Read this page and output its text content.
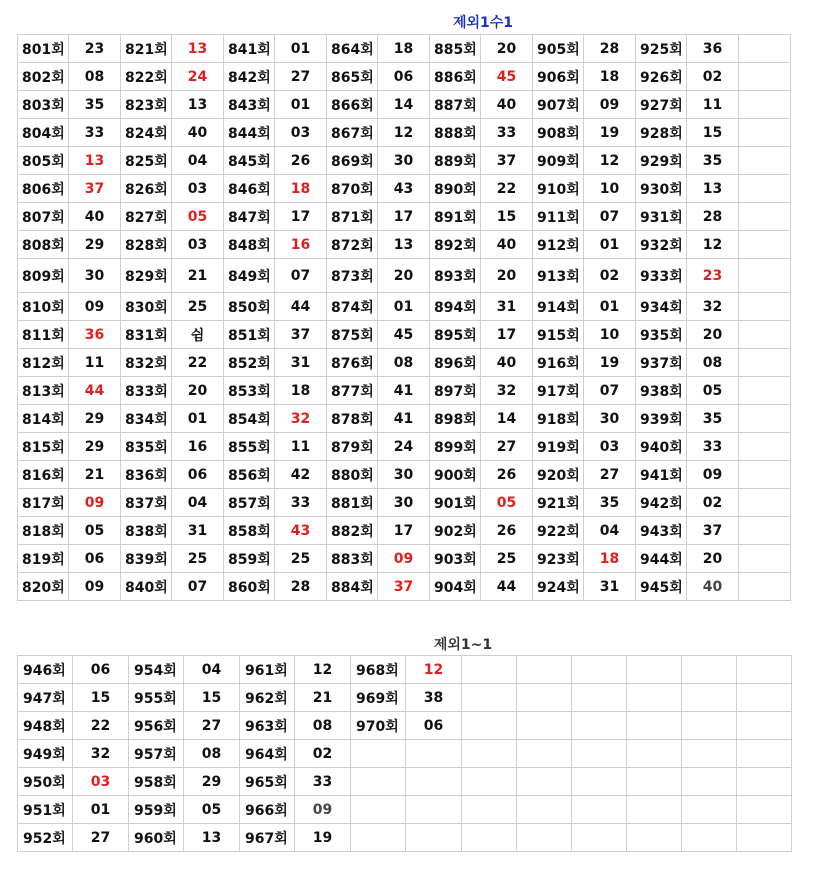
제외1수1
801회	23	821회	13	841회	01	864회	18	885회	20	905회	28	925회	36	
802회	08	822회	24	842회	27	865회	06	886회	45	906회	18	926회	02	
803회	35	823회	13	843회	01	866회	14	887회	40	907회	09	927회	11	
804회	33	824회	40	844회	03	867회	12	888회	33	908회	19	928회	15	
805회	13	825회	04	845회	26	869회	30	889회	37	909회	12	929회	35	
806회	37	826회	03	846회	18	870회	43	890회	22	910회	10	930회	13	
807회	40	827회	05	847회	17	871회	17	891회	15	911회	07	931회	28	
808회	29	828회	03	848회	16	872회	13	892회	40	912회	01	932회	12	
809회	30	829회	21	849회	07	873회	20	893회	20	913회	02	933회	23	
810회	09	830회	25	850회	44	874회	01	894회	31	914회	01	934회	32	
811회	36	831회	쉼	851회	37	875회	45	895회	17	915회	10	935회	20	
812회	11	832회	22	852회	31	876회	08	896회	40	916회	19	937회	08	
813회	44	833회	20	853회	18	877회	41	897회	32	917회	07	938회	05	
814회	29	834회	01	854회	32	878회	41	898회	14	918회	30	939회	35	
815회	29	835회	16	855회	11	879회	24	899회	27	919회	03	940회	33	
816회	21	836회	06	856회	42	880회	30	900회	26	920회	27	941회	09	
817회	09	837회	04	857회	33	881회	30	901회	05	921회	35	942회	02	
818회	05	838회	31	858회	43	882회	17	902회	26	922회	04	943회	37	
819회	06	839회	25	859회	25	883회	09	903회	25	923회	18	944회	20	
820회	09	840회	07	860회	28	884회	37	904회	44	924회	31	945회	40	
제외1~1
946회	06	954회	04	961회	12	968회	12						
947회	15	955회	15	962회	21	969회	38						
948회	22	956회	27	963회	08	970회	06						
949회	32	957회	08	964회	02								
950회	03	958회	29	965회	33								
951회	01	959회	05	966회	09								
952회	27	960회	13	967회	19								
